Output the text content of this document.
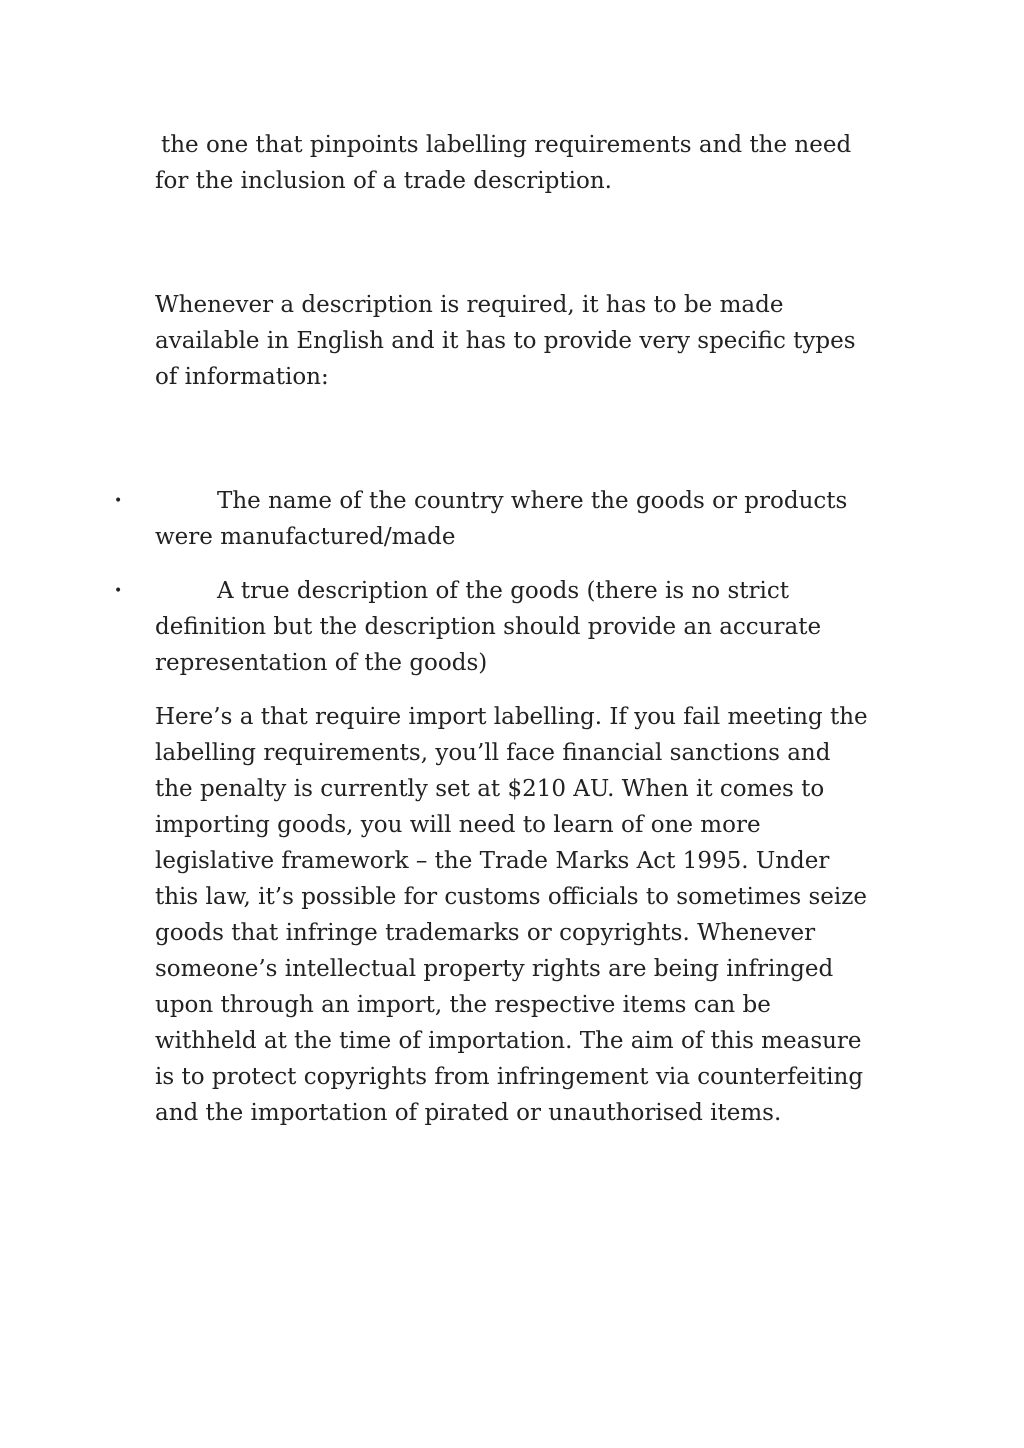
the one that pinpoints labelling requirements and the need for the inclusion of a trade description.

Whenever a description is required, it has to be made available in English and it has to provide very specific types of information:

•	The name of the country where the goods or products were manufactured/made
•	A true description of the goods (there is no strict definition but the description should provide an accurate representation of the goods)

Here’s a that require import labelling. If you fail meeting the labelling requirements, you’ll face financial sanctions and the penalty is currently set at $210 AU. When it comes to importing goods, you will need to learn of one more legislative framework – the Trade Marks Act 1995. Under this law, it’s possible for customs officials to sometimes seize goods that infringe trademarks or copyrights. Whenever someone’s intellectual property rights are being infringed upon through an import, the respective items can be withheld at the time of importation. The aim of this measure is to protect copyrights from infringement via counterfeiting and the importation of pirated or unauthorised items.
